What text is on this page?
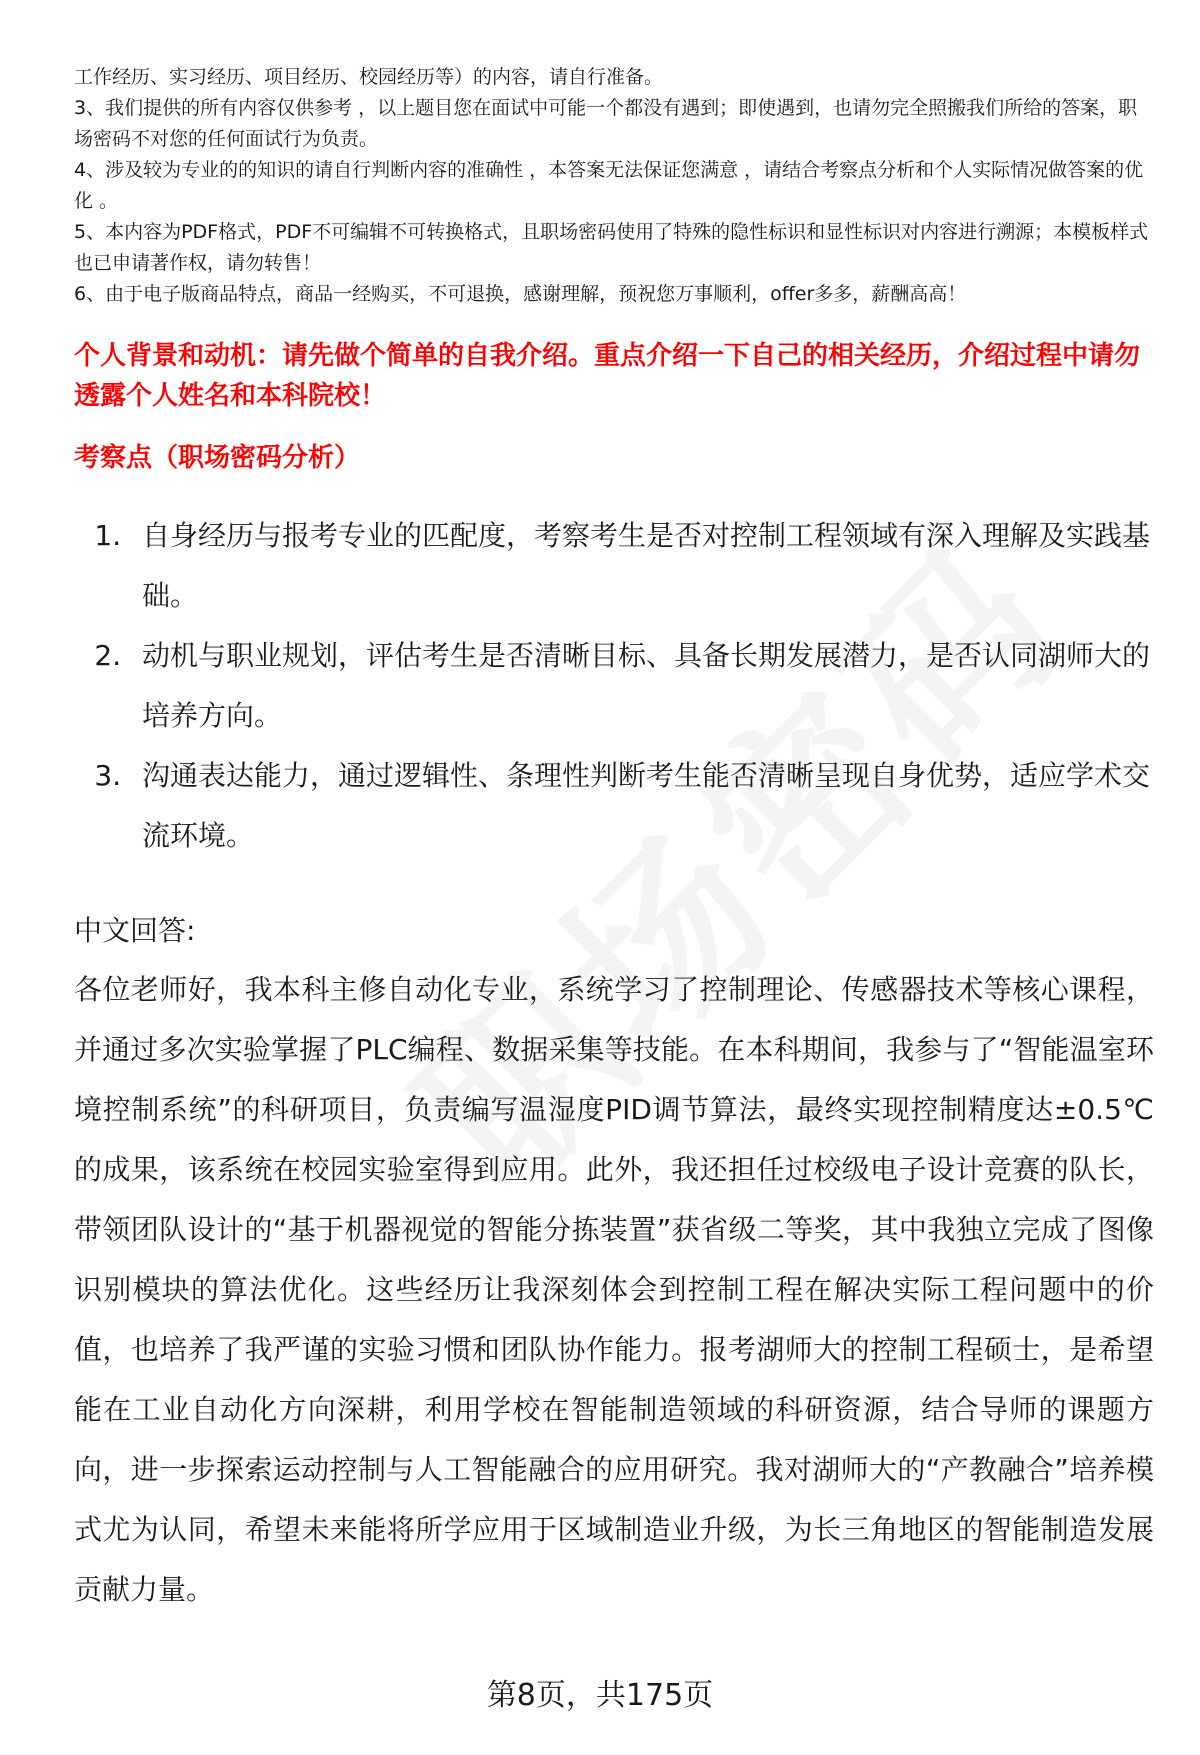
工作经历、实习经历、项目经历、校园经历等）的内容，请自行准备。

3、我们提供的所有内容仅供参考 ，以上题目您在面试中可能一个都没有遇到；即使遇到，也请勿完全照搬我们所给的答案，职场密码不对您的任何面试行为负责。

4、涉及较为专业的的知识的请自行判断内容的准确性 ，本答案无法保证您满意 ，请结合考察点分析和个人实际情况做答案的优化 。

5、本内容为PDF格式，PDF不可编辑不可转换格式，且职场密码使用了特殊的隐性标识和显性标识对内容进行溯源；本模板样式也已申请著作权，请勿转售！

6、由于电子版商品特点，商品一经购买，不可退换，感谢理解，预祝您万事顺利，offer多多，薪酬高高！

个人背景和动机：请先做个简单的自我介绍。重点介绍一下自己的相关经历，介绍过程中请勿透露个人姓名和本科院校！

考察点（职场密码分析）

1. 自身经历与报考专业的匹配度，考察考生是否对控制工程领域有深入理解及实践基础。
2. 动机与职业规划，评估考生是否清晰目标、具备长期发展潜力，是否认同湖师大的培养方向。
3. 沟通表达能力，通过逻辑性、条理性判断考生能否清晰呈现自身优势，适应学术交流环境。

中文回答:

各位老师好，我本科主修自动化专业，系统学习了控制理论、传感器技术等核心课程，并通过多次实验掌握了PLC编程、数据采集等技能。在本科期间，我参与了“智能温室环境控制系统”的科研项目，负责编写温湿度PID调节算法，最终实现控制精度达±0.5℃的成果，该系统在校园实验室得到应用。此外，我还担任过校级电子设计竞赛的队长，带领团队设计的“基于机器视觉的智能分拣装置”获省级二等奖，其中我独立完成了图像识别模块的算法优化。这些经历让我深刻体会到控制工程在解决实际工程问题中的价值，也培养了我严谨的实验习惯和团队协作能力。报考湖师大的控制工程硕士，是希望能在工业自动化方向深耕，利用学校在智能制造领域的科研资源，结合导师的课题方向，进一步探索运动控制与人工智能融合的应用研究。我对湖师大的“产教融合”培养模式尤为认同，希望未来能将所学应用于区域制造业升级，为长三角地区的智能制造发展贡献力量。

第8页，共175页
